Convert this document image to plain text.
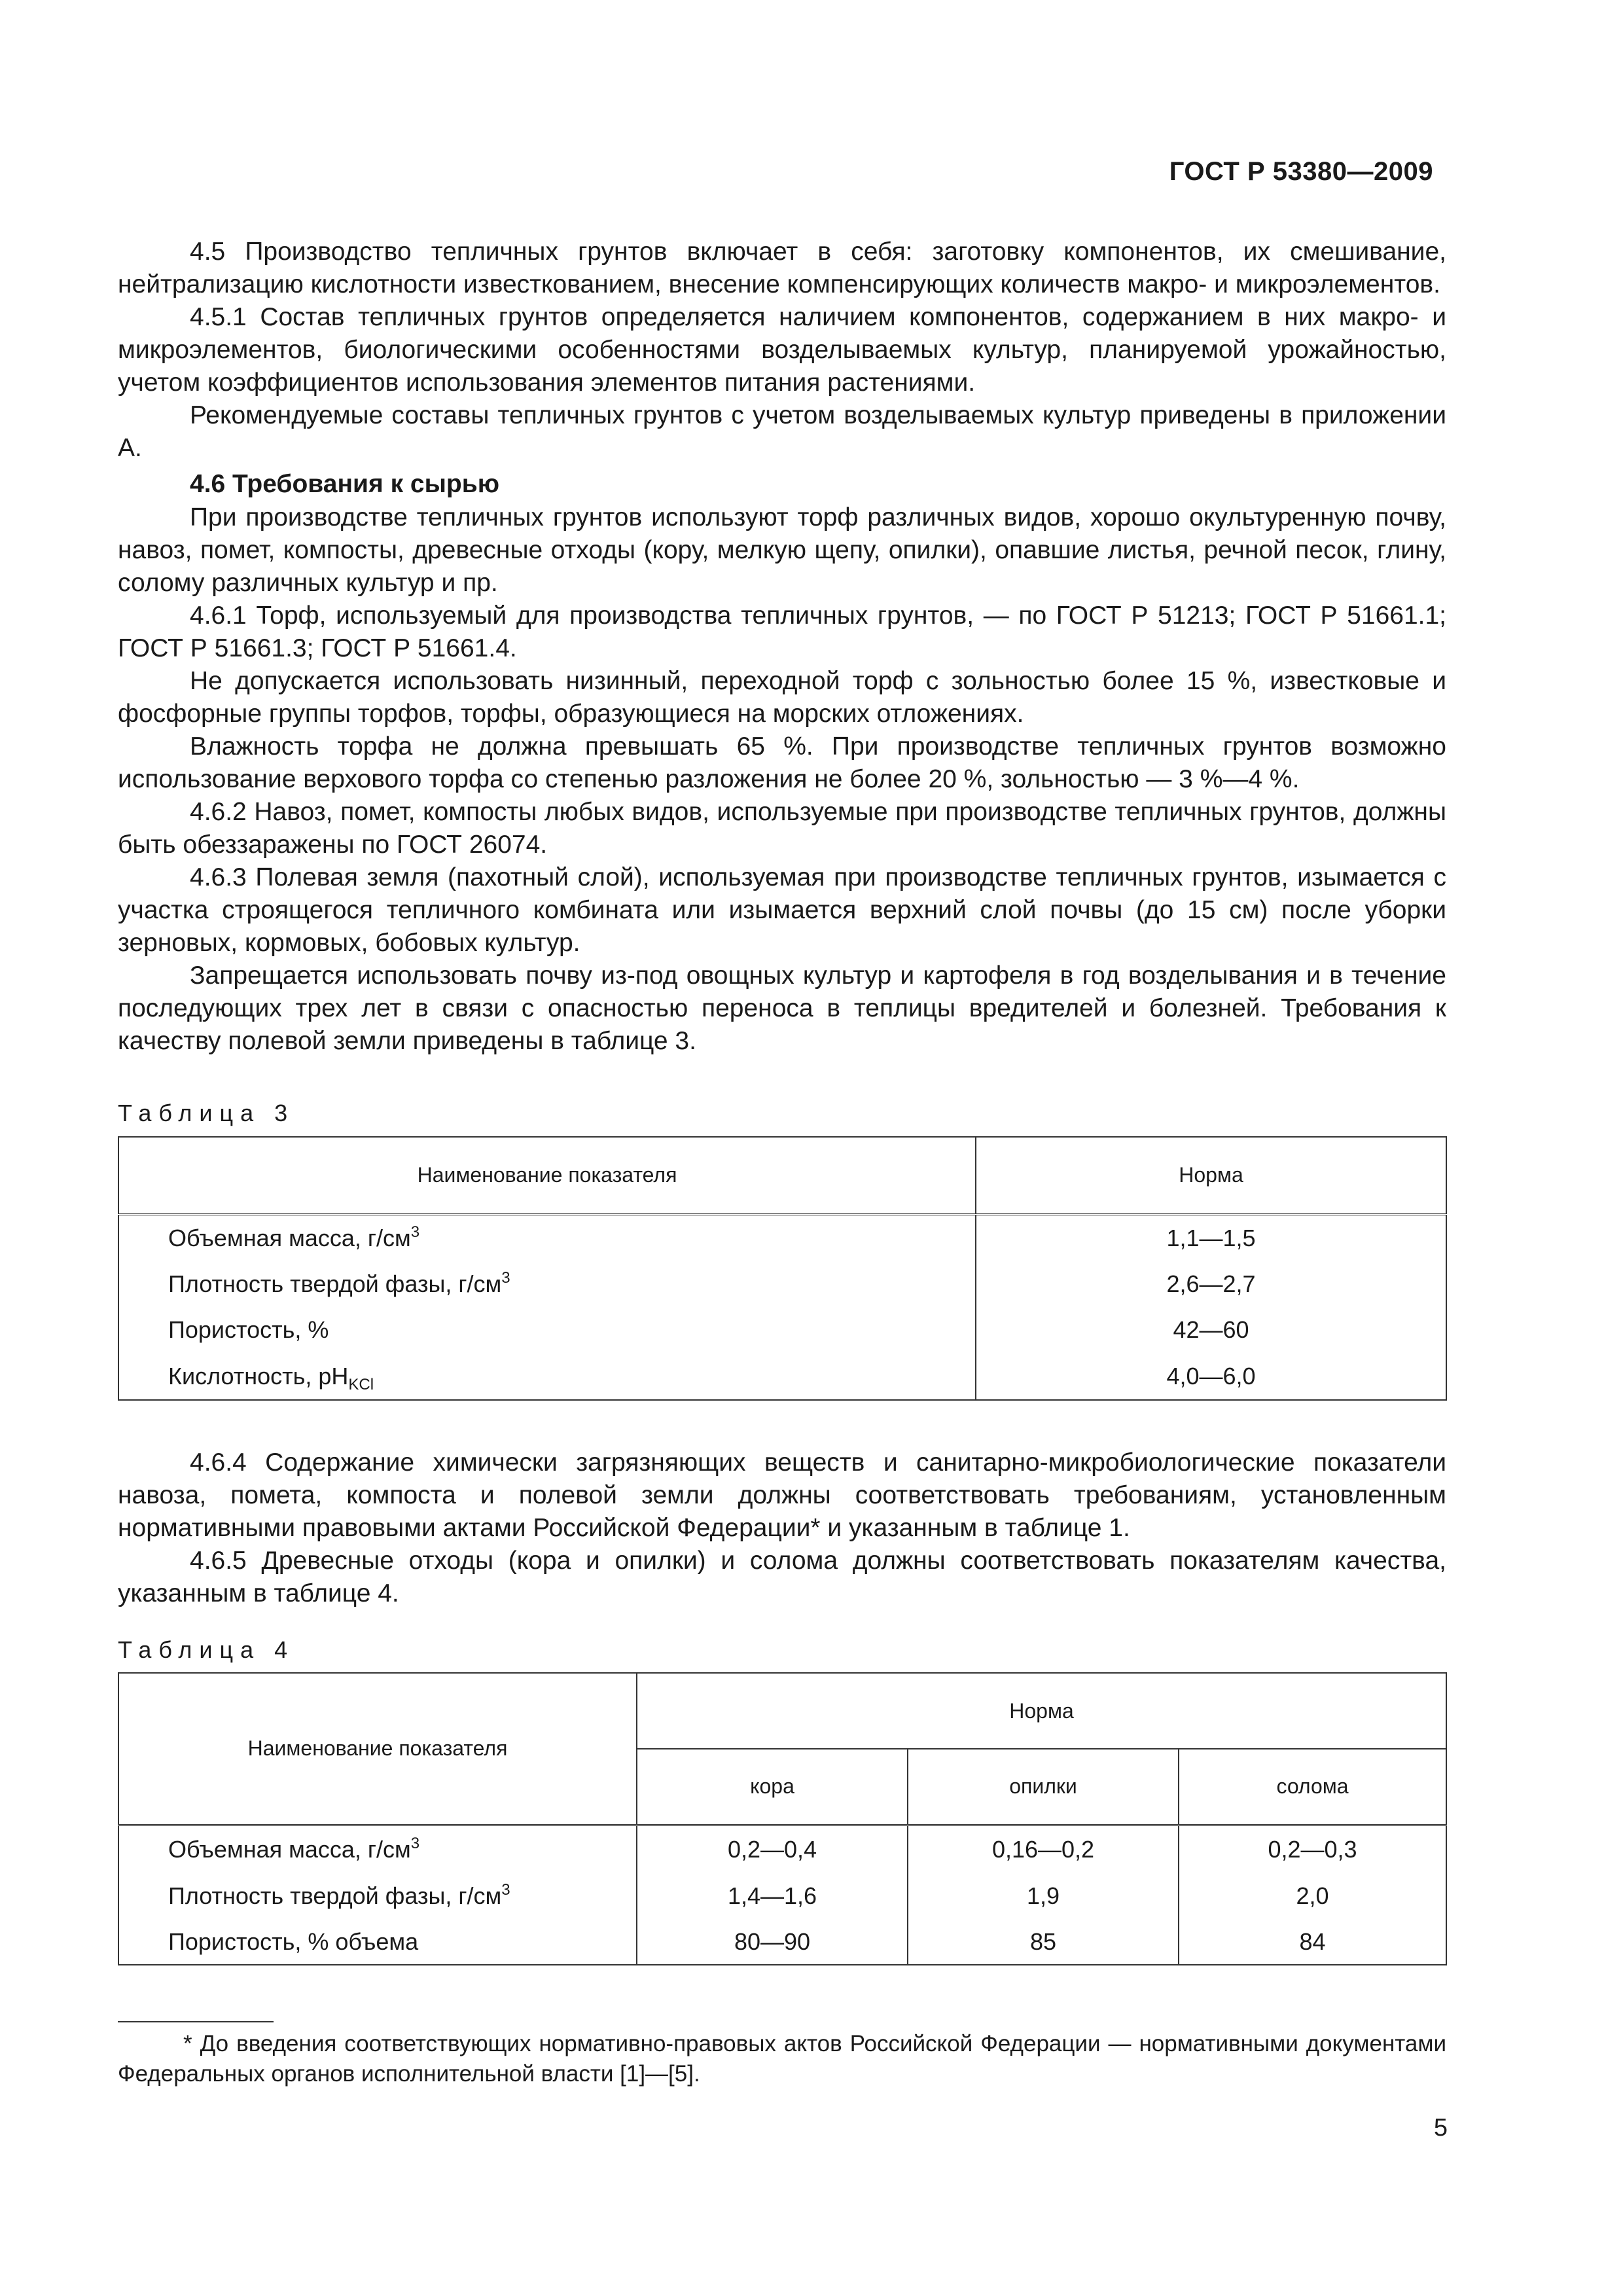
ГОСТ Р 53380—2009

4.5 Производство тепличных грунтов включает в себя: заготовку компонентов, их смешивание, нейтрализацию кислотности известкованием, внесение компенсирующих количеств макро- и микроэлементов.

4.5.1 Состав тепличных грунтов определяется наличием компонентов, содержанием в них макро- и микроэлементов, биологическими особенностями возделываемых культур, планируемой урожайностью, учетом коэффициентов использования элементов питания растениями.

Рекомендуемые составы тепличных грунтов с учетом возделываемых культур приведены в приложении А.

4.6 Требования к сырью

При производстве тепличных грунтов используют торф различных видов, хорошо окультуренную почву, навоз, помет, компосты, древесные отходы (кору, мелкую щепу, опилки), опавшие листья, речной песок, глину, солому различных культур и пр.

4.6.1 Торф, используемый для производства тепличных грунтов, — по ГОСТ Р 51213; ГОСТ Р 51661.1; ГОСТ Р 51661.3; ГОСТ Р 51661.4.

Не допускается использовать низинный, переходной торф с зольностью более 15 %, известковые и фосфорные группы торфов, торфы, образующиеся на морских отложениях.

Влажность торфа не должна превышать 65 %. При производстве тепличных грунтов возможно использование верхового торфа со степенью разложения не более 20 %, зольностью — 3 %—4 %.

4.6.2 Навоз, помет, компосты любых видов, используемые при производстве тепличных грунтов, должны быть обеззаражены по ГОСТ 26074.

4.6.3 Полевая земля (пахотный слой), используемая при производстве тепличных грунтов, изымается с участка строящегося тепличного комбината или изымается верхний слой почвы (до 15 см) после уборки зерновых, кормовых, бобовых культур.

Запрещается использовать почву из-под овощных культур и картофеля в год возделывания и в течение последующих трех лет в связи с опасностью переноса в теплицы вредителей и болезней. Требования к качеству полевой земли приведены в таблице 3.

Таблица 3
Наименование показателя	Норма
Объемная масса, $г/см^3$	1,1—1,5
Плотность твердой фазы, $г/см^3$	2,6—2,7
Пористость, %	42—60
Кислотность, $pH_{KCl}$	4,0—6,0

4.6.4 Содержание химически загрязняющих веществ и санитарно-микробиологические показатели навоза, помета, компоста и полевой земли должны соответствовать требованиям, установленным нормативными правовыми актами Российской Федерации* и указанным в таблице 1.

4.6.5 Древесные отходы (кора и опилки) и солома должны соответствовать показателям качества, указанным в таблице 4.

Таблица 4
Наименование показателя	Норма		
	кора	опилки	солома
Объемная масса, $г/см^3$	0,2—0,4	0,16—0,2	0,2—0,3
Плотность твердой фазы, $г/см^3$	1,4—1,6	1,9	2,0
Пористость, % объема	80—90	85	84
* До введения соответствующих нормативно-правовых актов Российской Федерации — нормативными документами Федеральных органов исполнительной власти [1]—[5].
5
